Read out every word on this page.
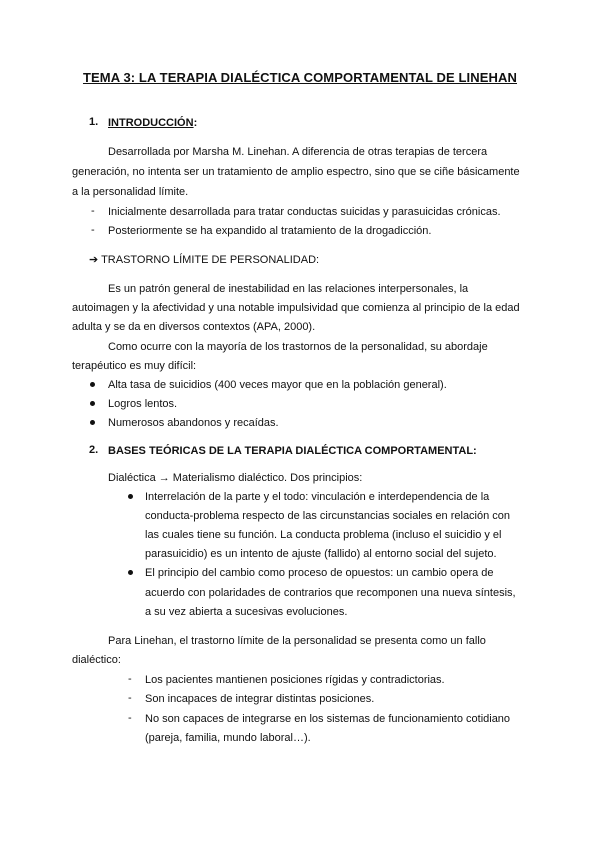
TEMA 3: LA TERAPIA DIALÉCTICA COMPORTAMENTAL DE LINEHAN
1. INTRODUCCIÓN:
Desarrollada por Marsha M. Linehan. A diferencia de otras terapias de tercera
generación, no intenta ser un tratamiento de amplio espectro, sino que se ciñe básicamente
a la personalidad límite.
- Inicialmente desarrollada para tratar conductas suicidas y parasuicidas crónicas.
- Posteriormente se ha expandido al tratamiento de la drogadicción.
➔ TRASTORNO LÍMITE DE PERSONALIDAD:
Es un patrón general de inestabilidad en las relaciones interpersonales, la
autoimagen y la afectividad y una notable impulsividad que comienza al principio de la edad
adulta y se da en diversos contextos (APA, 2000).
Como ocurre con la mayoría de los trastornos de la personalidad, su abordaje
terapéutico es muy difícil:
Alta tasa de suicidios (400 veces mayor que en la población general).
Logros lentos.
Numerosos abandonos y recaídas.
2. BASES TEÓRICAS DE LA TERAPIA DIALÉCTICA COMPORTAMENTAL:
Dialéctica → Materialismo dialéctico. Dos principios:
Interrelación de la parte y el todo: vinculación e interdependencia de la
conducta-problema respecto de las circunstancias sociales en relación con
las cuales tiene su función. La conducta problema (incluso el suicidio y el
parasuicidio) es un intento de ajuste (fallido) al entorno social del sujeto.
El principio del cambio como proceso de opuestos: un cambio opera de
acuerdo con polaridades de contrarios que recomponen una nueva síntesis,
a su vez abierta a sucesivas evoluciones.
Para Linehan, el trastorno límite de la personalidad se presenta como un fallo
dialéctico:
- Los pacientes mantienen posiciones rígidas y contradictorias.
- Son incapaces de integrar distintas posiciones.
- No son capaces de integrarse en los sistemas de funcionamiento cotidiano
(pareja, familia, mundo laboral…).
